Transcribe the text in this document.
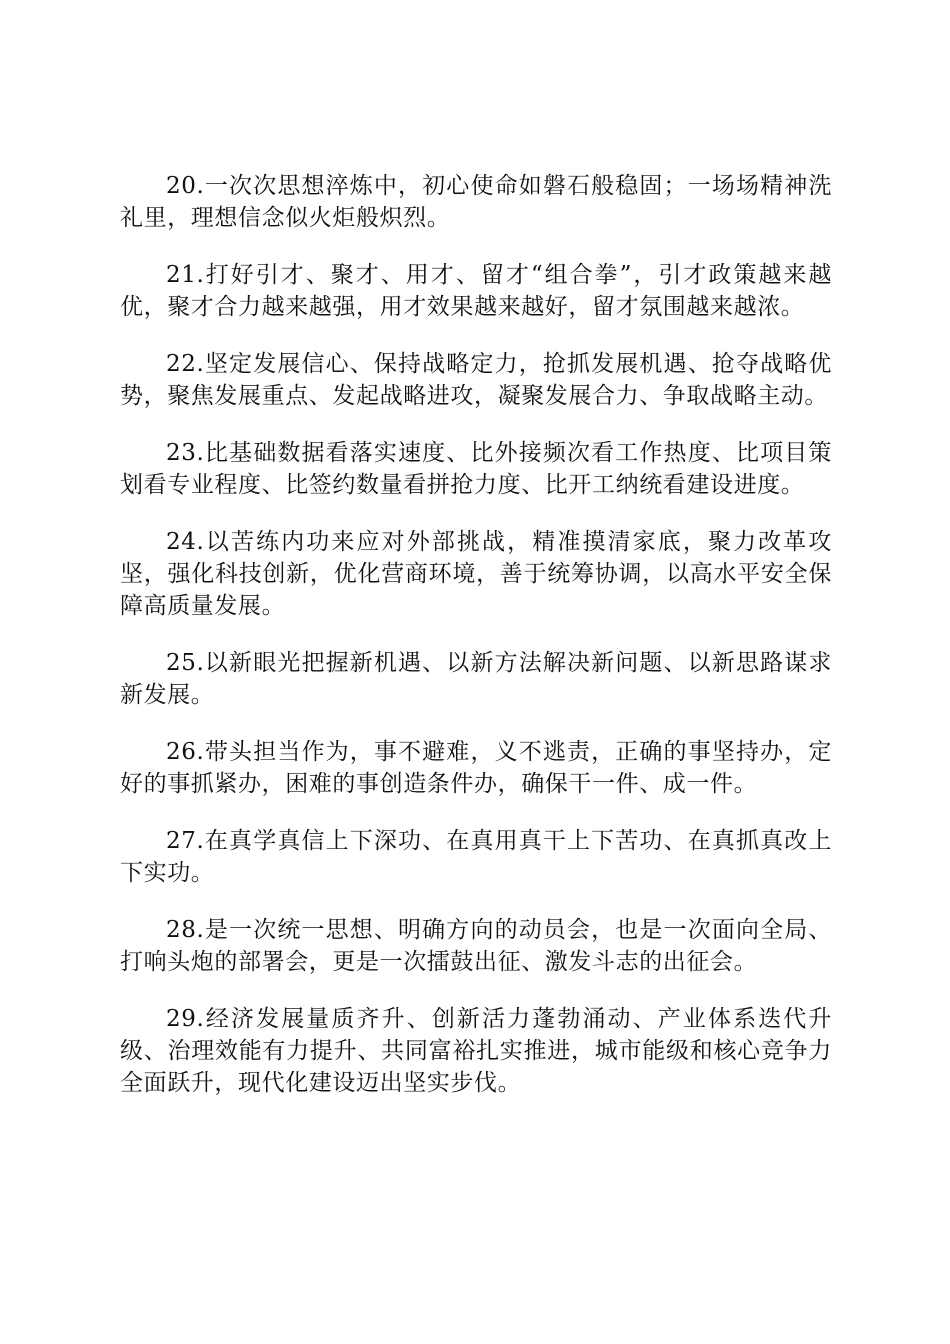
20.一次次思想淬炼中，初心使命如磐石般稳固；一场场精神洗礼里，理想信念似火炬般炽烈。

21.打好引才、聚才、用才、留才“组合拳”，引才政策越来越优，聚才合力越来越强，用才效果越来越好，留才氛围越来越浓。

22.坚定发展信心、保持战略定力，抢抓发展机遇、抢夺战略优势，聚焦发展重点、发起战略进攻，凝聚发展合力、争取战略主动。

23.比基础数据看落实速度、比外接频次看工作热度、比项目策划看专业程度、比签约数量看拼抢力度、比开工纳统看建设进度。

24.以苦练内功来应对外部挑战，精准摸清家底，聚力改革攻坚，强化科技创新，优化营商环境，善于统筹协调，以高水平安全保障高质量发展。

25.以新眼光把握新机遇、以新方法解决新问题、以新思路谋求新发展。

26.带头担当作为，事不避难，义不逃责，正确的事坚持办，定好的事抓紧办，困难的事创造条件办，确保干一件、成一件。

27.在真学真信上下深功、在真用真干上下苦功、在真抓真改上下实功。

28.是一次统一思想、明确方向的动员会，也是一次面向全局、打响头炮的部署会，更是一次擂鼓出征、激发斗志的出征会。

29.经济发展量质齐升、创新活力蓬勃涌动、产业体系迭代升级、治理效能有力提升、共同富裕扎实推进，城市能级和核心竞争力全面跃升，现代化建设迈出坚实步伐。
